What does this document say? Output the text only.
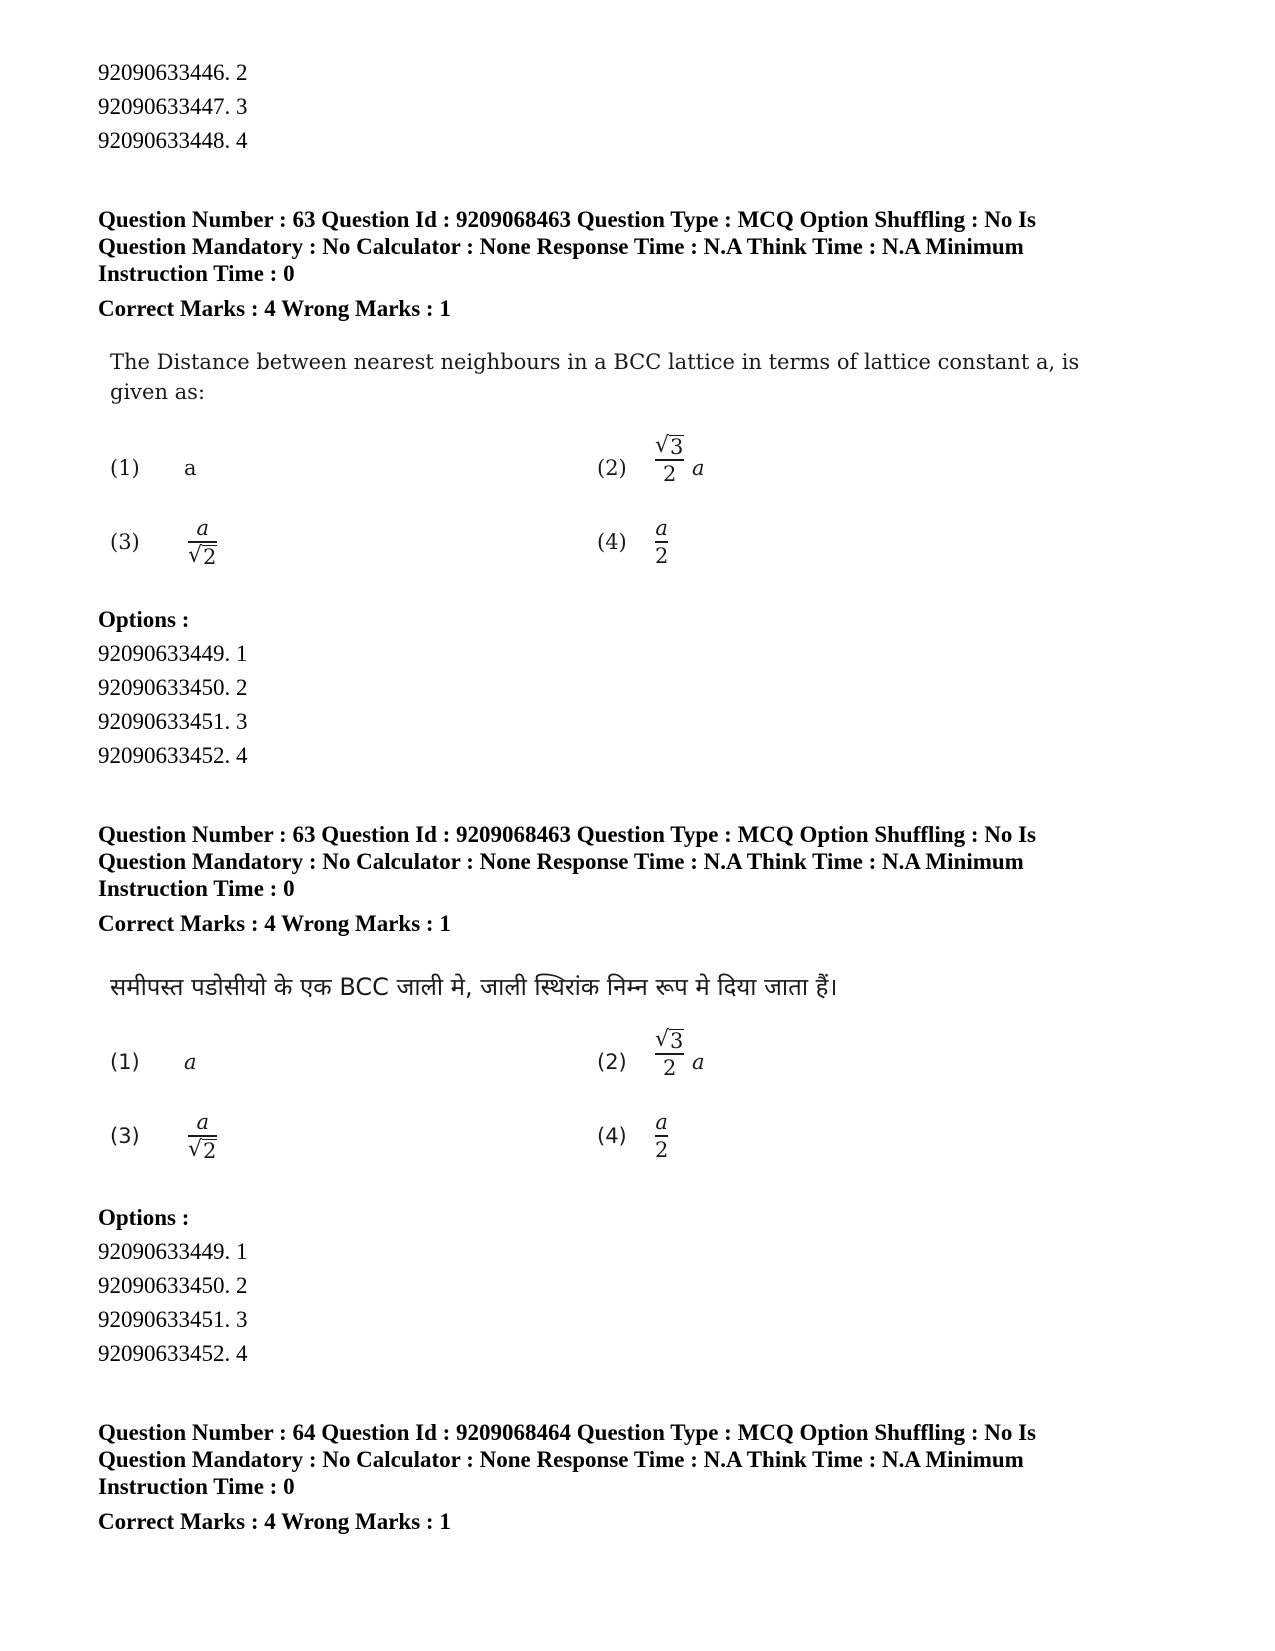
92090633446. 2
92090633447. 3
92090633448. 4
Question Number : 63 Question Id : 9209068463 Question Type : MCQ Option Shuffling : No Is
Question Mandatory : No Calculator : None Response Time : N.A Think Time : N.A Minimum
Instruction Time : 0
Correct Marks : 4 Wrong Marks : 1
The Distance between nearest neighbours in a BCC lattice in terms of lattice constant a, is
given as:
(1) a	(2)
√ 3
2 a
(3)
a
√ 2
(4)
a
2
Options :
92090633449. 1
92090633450. 2
92090633451. 3
92090633452. 4
Question Number : 63 Question Id : 9209068463 Question Type : MCQ Option Shuffling : No Is
Question Mandatory : No Calculator : None Response Time : N.A Think Time : N.A Minimum
Instruction Time : 0
Correct Marks : 4 Wrong Marks : 1
समीपस्त पडोसीयो के एक BCC जाली मे, जाली स्थिरांक निम्न रूप मे दिया जाता हैं।
(1) a	(2)
√ 3
2 a
(3)
a
√ 2
(4)
a
2
Options :
92090633449. 1
92090633450. 2
92090633451. 3
92090633452. 4
Question Number : 64 Question Id : 9209068464 Question Type : MCQ Option Shuffling : No Is
Question Mandatory : No Calculator : None Response Time : N.A Think Time : N.A Minimum
Instruction Time : 0
Correct Marks : 4 Wrong Marks : 1
